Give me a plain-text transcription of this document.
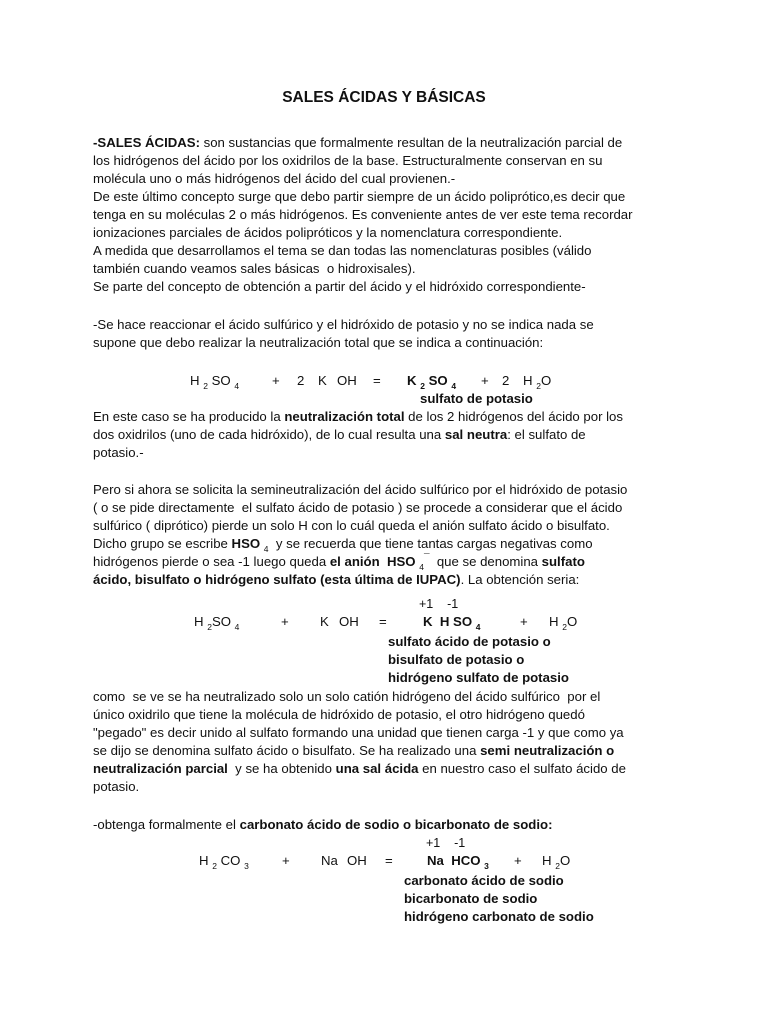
SALES ÁCIDAS Y BÁSICAS
-SALES ÁCIDAS: son sustancias que formalmente resultan de la neutralización parcial de
los hidrógenos del ácido por los oxidrilos de la base. Estructuralmente conservan en su
molécula uno o más hidrógenos del ácido del cual provienen.-
De este último concepto surge que debo partir siempre de un ácido poliprótico,es decir que
tenga en su moléculas 2 o más hidrógenos. Es conveniente antes de ver este tema recordar
ionizaciones parciales de ácidos polipróticos y la nomenclatura correspondiente.
A medida que desarrollamos el tema se dan todas las nomenclaturas posibles (válido
también cuando veamos sales básicas  o hidroxisales).
Se parte del concepto de obtención a partir del ácido y el hidróxido correspondiente-
-Se hace reaccionar el ácido sulfúrico y el hidróxido de potasio y no se indica nada se
supone que debo realizar la neutralización total que se indica a continuación:
H $_2$ SO $_4$ + 2 K OH = K $_2$ SO $_4$ + 2 H $_2$O
sulfato de potasio
En este caso se ha producido la neutralización total de los 2 hidrógenos del ácido por los
dos oxidrilos (uno de cada hidróxido), de lo cual resulta una sal neutra: el sulfato de
potasio.-
Pero si ahora se solicita la semineutralización del ácido sulfúrico por el hidróxido de potasio
( o se pide directamente  el sulfato ácido de potasio ) se procede a considerar que el ácido
sulfúrico ( diprótico) pierde un solo H con lo cuál queda el anión sulfato ácido o bisulfato.
Dicho grupo se escribe HSO $_4$  y se recuerda que tiene tantas cargas negativas como
hidrógenos pierde o sea -1 luego queda el anión  HSO $_4$¯  que se denomina sulfato
ácido, bisulfato o hidrógeno sulfato (esta última de IUPAC). La obtención seria:
+1    -1
H $_2$SO $_4$	+ K OH =	K H SO $_4$	+ H $_2$O
sulfato ácido de potasio o
bisulfato de potasio o
hidrógeno sulfato de potasio
como  se ve se ha neutralizado solo un solo catión hidrógeno del ácido sulfúrico  por el
único oxidrilo que tiene la molécula de hidróxido de potasio, el otro hidrógeno quedó
"pegado" es decir unido al sulfato formando una unidad que tienen carga -1 y que como ya
se dijo se denomina sulfato ácido o bisulfato. Se ha realizado una semi neutralización o
neutralización parcial  y se ha obtenido una sal ácida en nuestro caso el sulfato ácido de
potasio.
-obtenga formalmente el carbonato ácido de sodio o bicarbonato de sodio:
+1    -1
H $_2$ CO $_3$	+ Na OH =	Na HCO $_3$ + H $_2$O
carbonato ácido de sodio
bicarbonato de sodio
hidrógeno carbonato de sodio
